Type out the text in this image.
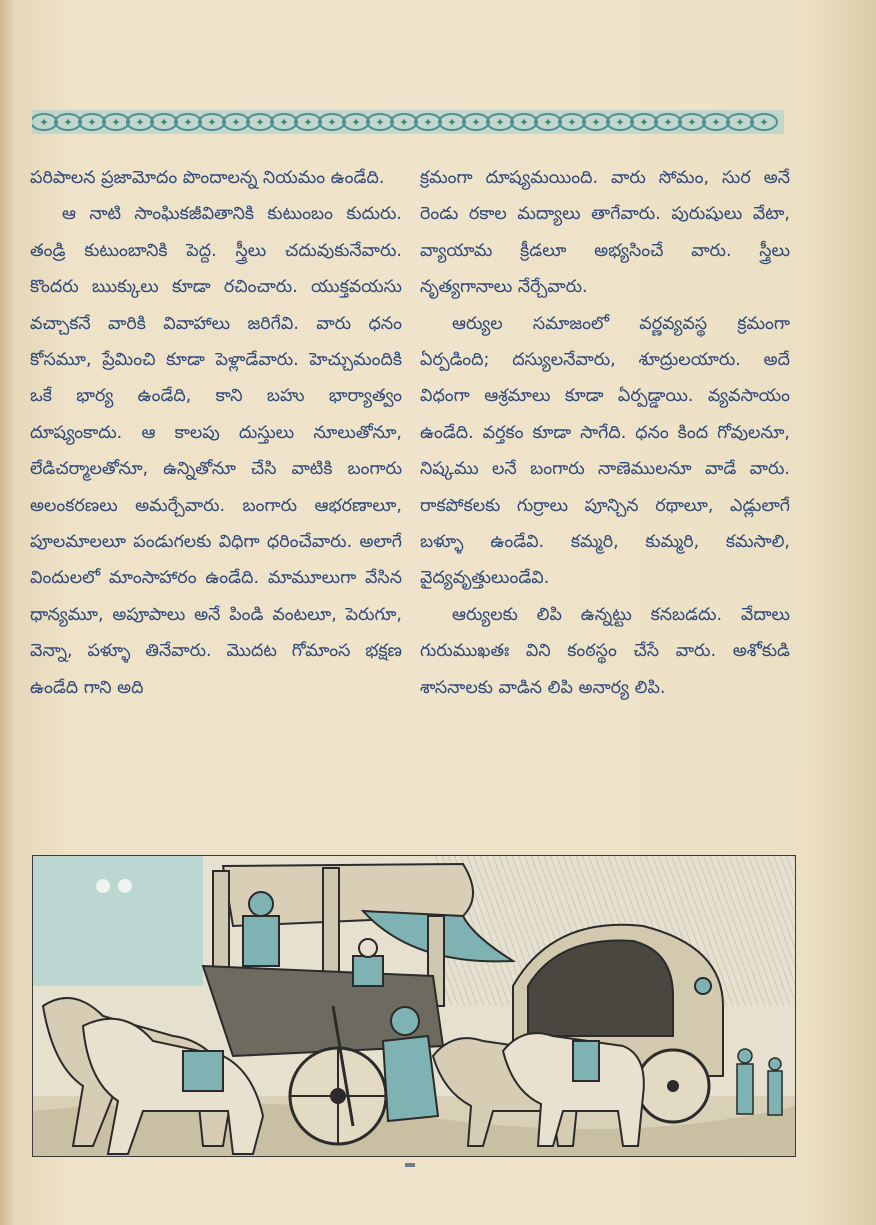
✦ ✦ ✦ ✦ ✦ ✦ ✦ ✦ ✦ ✦ ✦ ✦ ✦ ✦ ✦ ✦ ✦ ✦ ✦ ✦ ✦ ✦ ✦ ✦ ✦ ✦ ✦ ✦ ✦ ✦ ✦

పరిపాలన ప్రజామోదం పొందాలన్న నియమం ఉండేది.

ఆ నాటి సాంఘికజీవితానికి కుటుంబం కుదురు. తండ్రి కుటుంబానికి పెద్ద. స్త్రీలు చదువుకునేవారు. కొందరు ఋక్కులు కూడా రచించారు. యుక్తవయసు వచ్చాకనే వారికి వివాహాలు జరిగేవి. వారు ధనం కోసమూ, ప్రేమించి కూడా పెళ్లాడేవారు. హెచ్చుమందికి ఒకే భార్య ఉండేది, కాని బహు భార్యాత్వం దూష్యంకాదు. ఆ కాలపు దుస్తులు నూలుతోనూ, లేడిచర్మాలతోనూ, ఉన్నితోనూ చేసి వాటికి బంగారు అలంకరణలు అమర్చేవారు. బంగారు ఆభరణాలూ, పూలమాలలూ పండుగలకు విధిగా ధరించేవారు. అలాగే విందులలో మాంసాహారం ఉండేది. మామూలుగా వేసిన ధాన్యమూ, అపూపాలు అనే పిండి వంటలూ, పెరుగూ, వెన్నా, పళ్ళూ తినేవారు. మొదట గోమాంస భక్షణ ఉండేది గాని అది

క్రమంగా దూష్యమయింది. వారు సోమం, సుర అనే రెండు రకాల మద్యాలు తాగేవారు. పురుషులు వేటా, వ్యాయామ క్రీడలూ అభ్యసించే వారు. స్త్రీలు నృత్యగానాలు నేర్చేవారు.

ఆర్యుల సమాజంలో వర్ణవ్యవస్థ క్రమంగా ఏర్పడింది; దస్యులనేవారు, శూద్రులయారు. అదే విధంగా ఆశ్రమాలు కూడా ఏర్పడ్డాయి. వ్యవసాయం ఉండేది. వర్తకం కూడా సాగేది. ధనం కింద గోవులనూ, నిష్కము లనే బంగారు నాణెములనూ వాడే వారు. రాకపోకలకు గుర్రాలు పూన్చిన రథాలూ, ఎడ్లులాగే బళ్ళూ ఉండేవి. కమ్మరి, కుమ్మరి, కమసాలి, వైద్యవృత్తులుండేవి.

ఆర్యులకు లిపి ఉన్నట్టు కనబడదు. వేదాలు గురుముఖతః విని కంఠస్థం చేసే వారు. అశోకుడి శాసనాలకు వాడిన లిపి అనార్య లిపి.
